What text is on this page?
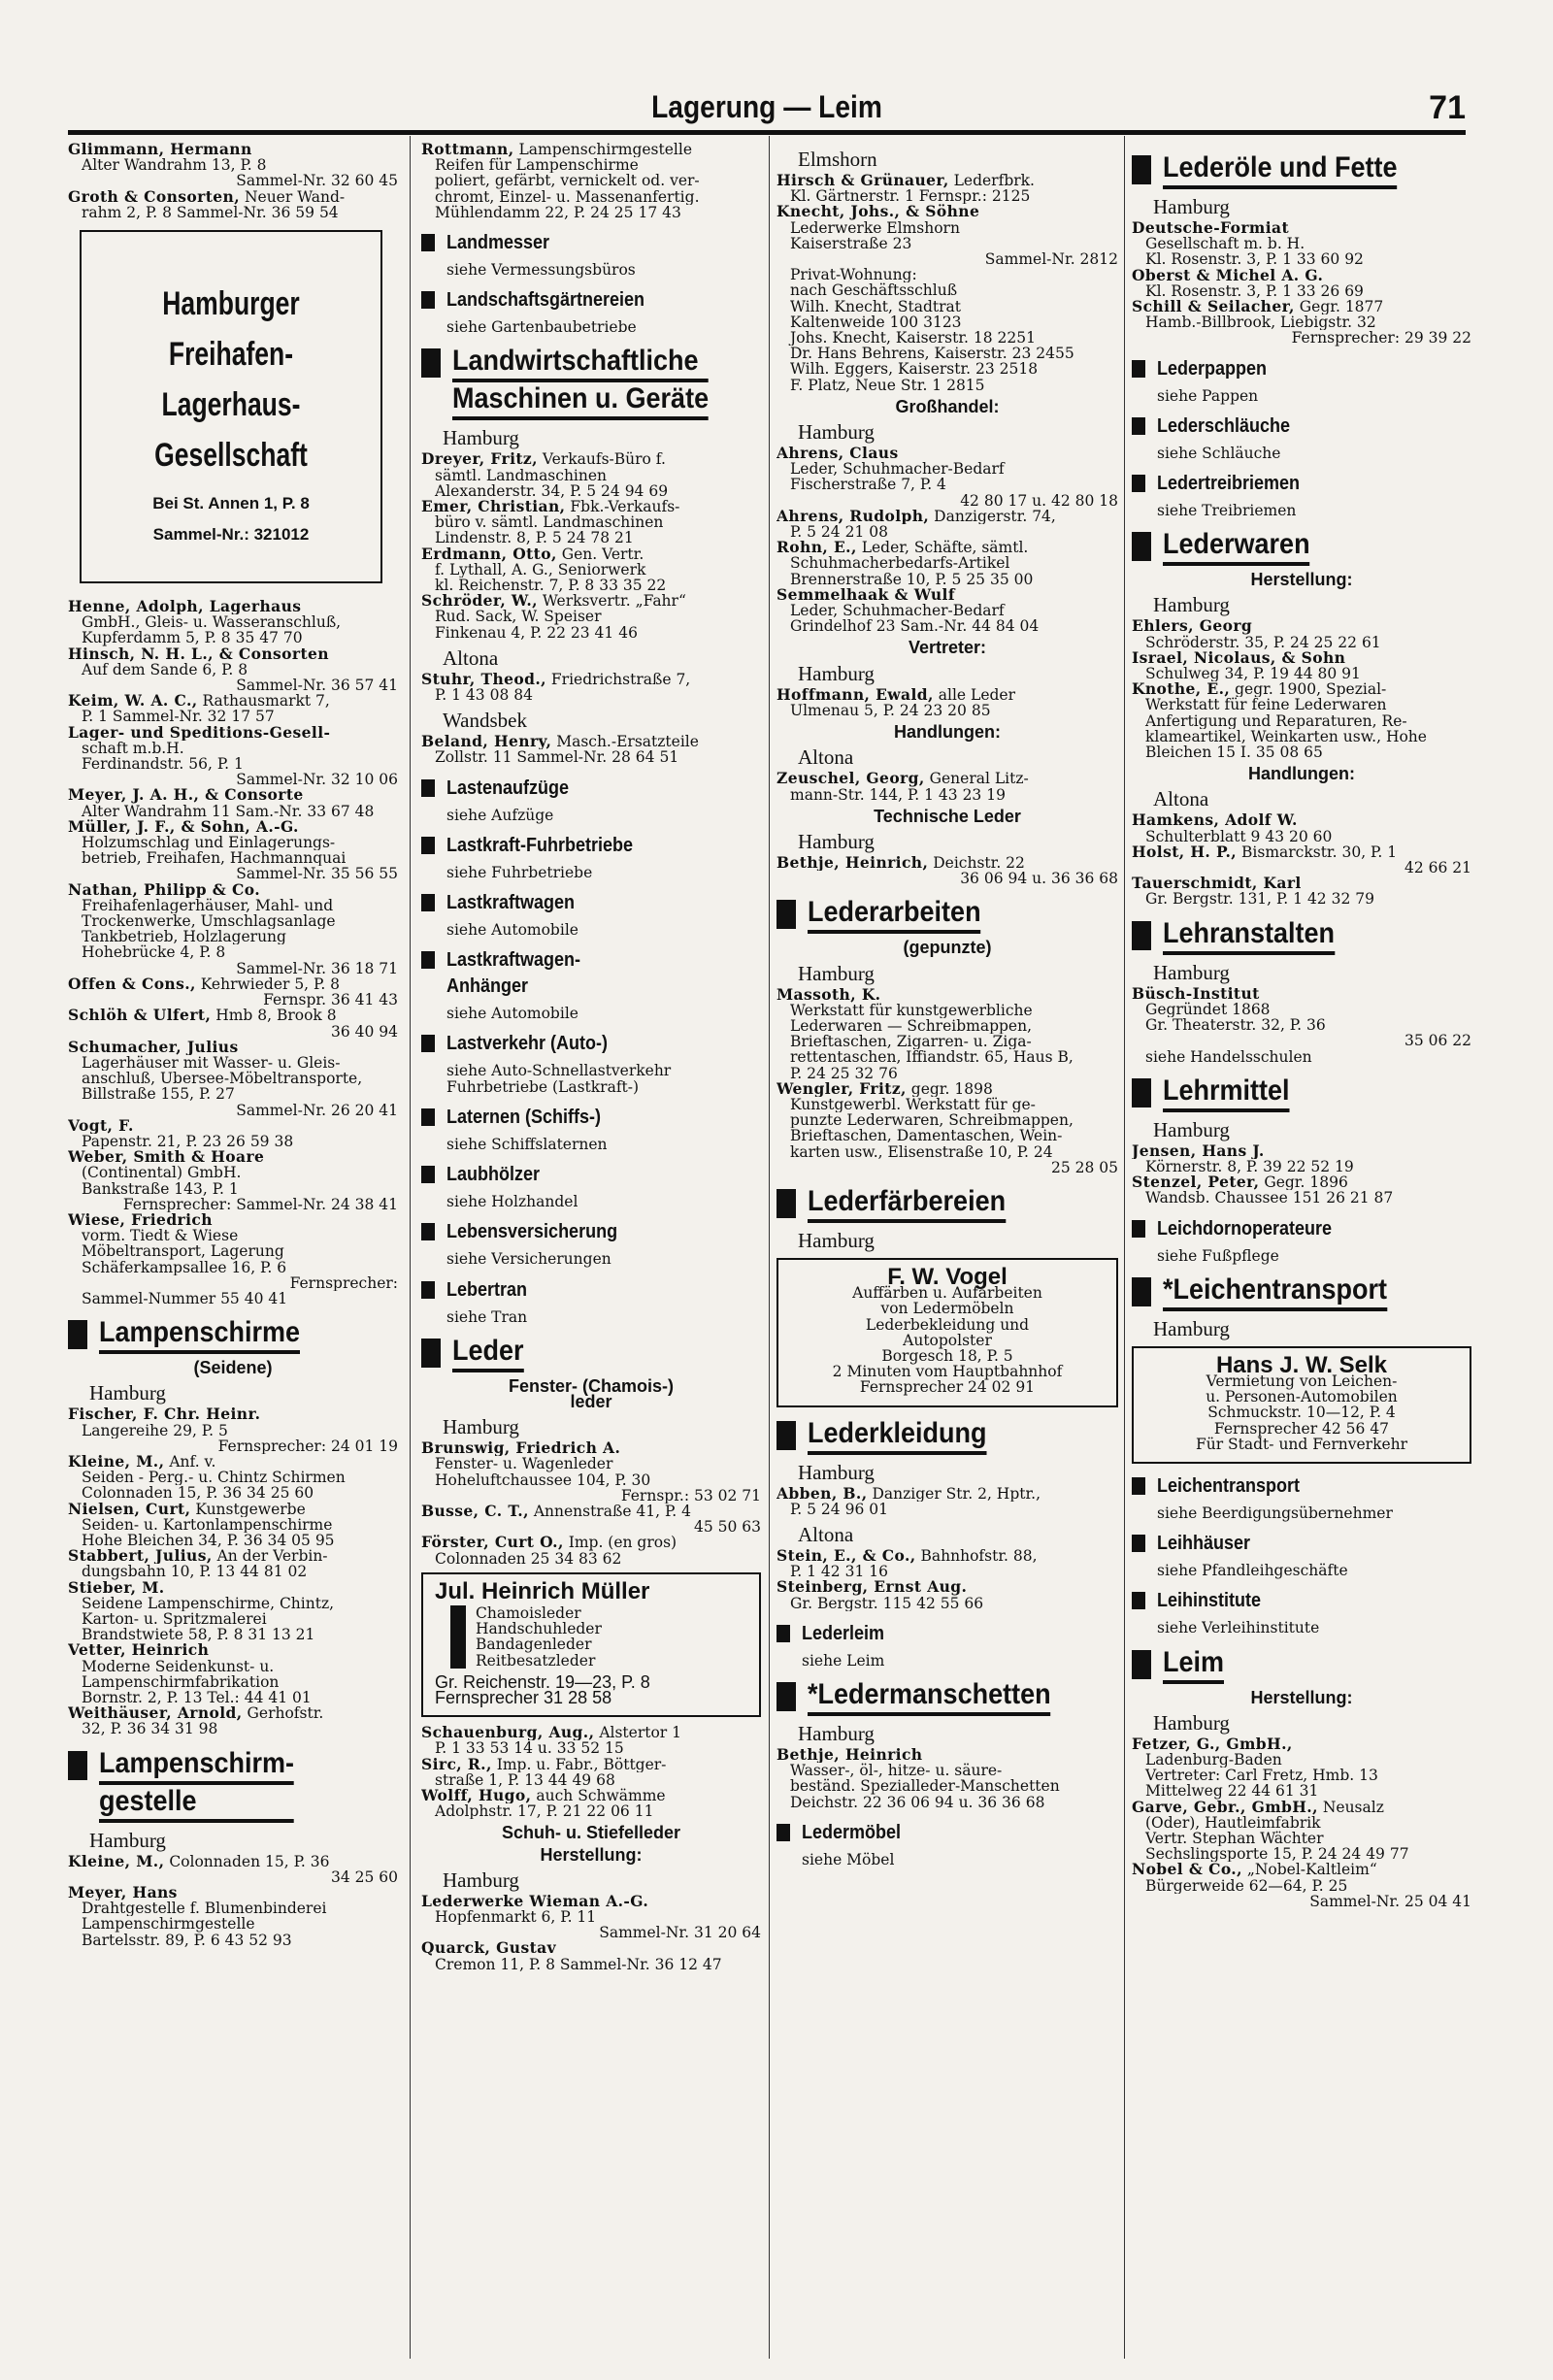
Lagerung — Leim	71
Glimmann, Hermann
Alter Wandrahm 13, P. 8
Sammel-Nr. 32 60 45
Groth & Consorten, Neuer Wand-
rahm 2, P. 8 Sammel-Nr. 36 59 54
Hamburger
Freihafen-Lagerhaus-
Gesellschaft
Bei St. Annen 1, P. 8
Sammel-Nr.: 321012
Henne, Adolph, Lagerhaus
GmbH., Gleis- u. Wasseranschluß,
Kupferdamm 5, P. 8 35 47 70
Hinsch, N. H. L., & Consorten
Auf dem Sande 6, P. 8
Sammel-Nr. 36 57 41
Keim, W. A. C., Rathausmarkt 7,
P. 1 Sammel-Nr. 32 17 57
Lager- und Speditions-Gesell-
schaft m.b.H.
Ferdinandstr. 56, P. 1
Sammel-Nr. 32 10 06
Meyer, J. A. H., & Consorte
Alter Wandrahm 11 Sam.-Nr. 33 67 48
Müller, J. F., & Sohn, A.-G.
Holzumschlag und Einlagerungs-
betrieb, Freihafen, Hachmannquai
Sammel-Nr. 35 56 55
Nathan, Philipp & Co.
Freihafenlagerhäuser, Mahl- und
Trockenwerke, Umschlagsanlage
Tankbetrieb, Holzlagerung
Hohebrücke 4, P. 8
Sammel-Nr. 36 18 71
Offen & Cons., Kehrwieder 5, P. 8
Fernspr. 36 41 43
Schlöh & Ulfert, Hmb 8, Brook 8
36 40 94
Schumacher, Julius
Lagerhäuser mit Wasser- u. Gleis-
anschluß, Übersee-Möbeltransporte,
Billstraße 155, P. 27
Sammel-Nr. 26 20 41
Vogt, F.
Papenstr. 21, P. 23 26 59 38
Weber, Smith & Hoare
(Continental) GmbH.
Bankstraße 143, P. 1
Fernsprecher: Sammel-Nr. 24 38 41
Wiese, Friedrich
vorm. Tiedt & Wiese
Möbeltransport, Lagerung
Schäferkampsallee 16, P. 6
Fernsprecher:
Sammel-Nummer 55 40 41
Lampenschirme
(Seidene)
Hamburg
Fischer, F. Chr. Heinr.
Langereihe 29, P. 5
Fernsprecher: 24 01 19
Kleine, M., Anf. v.
Seiden - Perg.- u. Chintz Schirmen
Colonnaden 15, P. 36 34 25 60
Nielsen, Curt, Kunstgewerbe
Seiden- u. Kartonlampenschirme
Hohe Bleichen 34, P. 36 34 05 95
Stabbert, Julius, An der Verbin-
dungsbahn 10, P. 13 44 81 02
Stieber, M.
Seidene Lampenschirme, Chintz,
Karton- u. Spritzmalerei
Brandstwiete 58, P. 8 31 13 21
Vetter, Heinrich
Moderne Seidenkunst- u.
Lampenschirmfabrikation
Bornstr. 2, P. 13 Tel.: 44 41 01
Weithäuser, Arnold, Gerhofstr.
32, P. 36 34 31 98
Lampenschirm-
gestelle
Hamburg
Kleine, M., Colonnaden 15, P. 36
34 25 60
Meyer, Hans
Drahtgestelle f. Blumenbinderei
Lampenschirmgestelle
Bartelsstr. 89, P. 6 43 52 93
Rottmann, Lampenschirmgestelle
Reifen für Lampenschirme
poliert, gefärbt, vernickelt od. ver-
chromt, Einzel- u. Massenanfertig.
Mühlendamm 22, P. 24 25 17 43
Landmesser
siehe Vermessungsbüros
Landschaftsgärtnereien
siehe Gartenbaubetriebe
Landwirtschaftliche
Maschinen u. Geräte
Hamburg
Dreyer, Fritz, Verkaufs-Büro f.
sämtl. Landmaschinen
Alexanderstr. 34, P. 5 24 94 69
Emer, Christian, Fbk.-Verkaufs-
büro v. sämtl. Landmaschinen
Lindenstr. 8, P. 5 24 78 21
Erdmann, Otto, Gen. Vertr.
f. Lythall, A. G., Seniorwerk
kl. Reichenstr. 7, P. 8 33 35 22
Schröder, W., Werksvertr. „Fahr“
Rud. Sack, W. Speiser
Finkenau 4, P. 22 23 41 46
Altona
Stuhr, Theod., Friedrichstraße 7,
P. 1 43 08 84
Wandsbek
Beland, Henry, Masch.-Ersatzteile
Zollstr. 11 Sammel-Nr. 28 64 51
Lastenaufzüge
siehe Aufzüge
Lastkraft-Fuhrbetriebe
siehe Fuhrbetriebe
Lastkraftwagen
siehe Automobile
Lastkraftwagen-
Anhänger
siehe Automobile
Lastverkehr (Auto-)
siehe Auto-Schnellastverkehr
Fuhrbetriebe (Lastkraft-)
Laternen (Schiffs-)
siehe Schiffslaternen
Laubhölzer
siehe Holzhandel
Lebensversicherung
siehe Versicherungen
Lebertran
siehe Tran
Leder
Fenster- (Chamois-)
leder
Hamburg
Brunswig, Friedrich A.
Fenster- u. Wagenleder
Hoheluftchaussee 104, P. 30
Fernspr.: 53 02 71
Busse, C. T., Annenstraße 41, P. 4
45 50 63
Förster, Curt O., Imp. (en gros)
Colonnaden 25 34 83 62
Jul. Heinrich Müller
Chamoisleder
Handschuhleder
Bandagenleder
Reitbesatzleder
Gr. Reichenstr. 19—23, P. 8
Fernsprecher 31 28 58
Schauenburg, Aug., Alstertor 1
P. 1 33 53 14 u. 33 52 15
Sirc, R., Imp. u. Fabr., Böttger-
straße 1, P. 13 44 49 68
Wolff, Hugo, auch Schwämme
Adolphstr. 17, P. 21 22 06 11
Schuh- u. Stiefelleder
Herstellung:
Hamburg
Lederwerke Wieman A.-G.
Hopfenmarkt 6, P. 11
Sammel-Nr. 31 20 64
Quarck, Gustav
Cremon 11, P. 8 Sammel-Nr. 36 12 47
Elmshorn
Hirsch & Grünauer, Lederfbrk.
Kl. Gärtnerstr. 1 Fernspr.: 2125
Knecht, Johs., & Söhne
Lederwerke Elmshorn
Kaiserstraße 23
Sammel-Nr. 2812
Privat-Wohnung:
nach Geschäftsschluß
Wilh. Knecht, Stadtrat
Kaltenweide 100 3123
Johs. Knecht, Kaiserstr. 18 2251
Dr. Hans Behrens, Kaiserstr. 23 2455
Wilh. Eggers, Kaiserstr. 23 2518
F. Platz, Neue Str. 1 2815
Großhandel:
Hamburg
Ahrens, Claus
Leder, Schuhmacher-Bedarf
Fischerstraße 7, P. 4
42 80 17 u. 42 80 18
Ahrens, Rudolph, Danzigerstr. 74,
P. 5 24 21 08
Rohn, E., Leder, Schäfte, sämtl.
Schuhmacherbedarfs-Artikel
Brennerstraße 10, P. 5 25 35 00
Semmelhaak & Wulf
Leder, Schuhmacher-Bedarf
Grindelhof 23 Sam.-Nr. 44 84 04
Vertreter:
Hamburg
Hoffmann, Ewald, alle Leder
Ulmenau 5, P. 24 23 20 85
Handlungen:
Altona
Zeuschel, Georg, General Litz-
mann-Str. 144, P. 1 43 23 19
Technische Leder
Hamburg
Bethje, Heinrich, Deichstr. 22
36 06 94 u. 36 36 68
Lederarbeiten
(gepunzte)
Hamburg
Massoth, K.
Werkstatt für kunstgewerbliche
Lederwaren — Schreibmappen,
Brieftaschen, Zigarren- u. Ziga-
rettentaschen, Iffiandstr. 65, Haus B,
P. 24 25 32 76
Wengler, Fritz, gegr. 1898
Kunstgewerbl. Werkstatt für ge-
punzte Lederwaren, Schreibmappen,
Brieftaschen, Damentaschen, Wein-
karten usw., Elisenstraße 10, P. 24
25 28 05
Lederfärbereien
Hamburg
F. W. Vogel
Auffärben u. Aufarbeiten
von Ledermöbeln
Lederbekleidung und
Autopolster
Borgesch 18, P. 5
2 Minuten vom Hauptbahnhof
Fernsprecher 24 02 91
Lederkleidung
Hamburg
Abben, B., Danziger Str. 2, Hptr.,
P. 5 24 96 01
Altona
Stein, E., & Co., Bahnhofstr. 88,
P. 1 42 31 16
Steinberg, Ernst Aug.
Gr. Bergstr. 115 42 55 66
Lederleim
siehe Leim
*Ledermanschetten
Hamburg
Bethje, Heinrich
Wasser-, öl-, hitze- u. säure-
beständ. Spezialleder-Manschetten
Deichstr. 22 36 06 94 u. 36 36 68
Ledermöbel
siehe Möbel
Lederöle und Fette
Hamburg
Deutsche-Formiat
Gesellschaft m. b. H.
Kl. Rosenstr. 3, P. 1 33 60 92
Oberst & Michel A. G.
Kl. Rosenstr. 3, P. 1 33 26 69
Schill & Seilacher, Gegr. 1877
Hamb.-Billbrook, Liebigstr. 32
Fernsprecher: 29 39 22
Lederpappen
siehe Pappen
Lederschläuche
siehe Schläuche
Ledertreibriemen
siehe Treibriemen
Lederwaren
Herstellung:
Hamburg
Ehlers, Georg
Schröderstr. 35, P. 24 25 22 61
Israel, Nicolaus, & Sohn
Schulweg 34, P. 19 44 80 91
Knothe, E., gegr. 1900, Spezial-
Werkstatt für feine Lederwaren
Anfertigung und Reparaturen, Re-
klameartikel, Weinkarten usw., Hohe
Bleichen 15 I. 35 08 65
Handlungen:
Altona
Hamkens, Adolf W.
Schulterblatt 9 43 20 60
Holst, H. P., Bismarckstr. 30, P. 1
42 66 21
Tauerschmidt, Karl
Gr. Bergstr. 131, P. 1 42 32 79
Lehranstalten
Hamburg
Büsch-Institut
Gegründet 1868
Gr. Theaterstr. 32, P. 36
35 06 22
siehe Handelsschulen
Lehrmittel
Hamburg
Jensen, Hans J.
Körnerstr. 8, P. 39 22 52 19
Stenzel, Peter, Gegr. 1896
Wandsb. Chaussee 151 26 21 87
Leichdornoperateure
siehe Fußpflege
*Leichentransport
Hamburg
Hans J. W. Selk
Vermietung von Leichen-
u. Personen-Automobilen
Schmuckstr. 10—12, P. 4
Fernsprecher 42 56 47
Für Stadt- und Fernverkehr
Leichentransport
siehe Beerdigungsübernehmer
Leihhäuser
siehe Pfandleihgeschäfte
Leihinstitute
siehe Verleihinstitute
Leim
Herstellung:
Hamburg
Fetzer, G., GmbH.,
Ladenburg-Baden
Vertreter: Carl Fretz, Hmb. 13
Mittelweg 22 44 61 31
Garve, Gebr., GmbH., Neusalz
(Oder), Hautleimfabrik
Vertr. Stephan Wächter
Sechslingsporte 15, P. 24 24 49 77
Nobel & Co., „Nobel-Kaltleim“
Bürgerweide 62—64, P. 25
Sammel-Nr. 25 04 41
